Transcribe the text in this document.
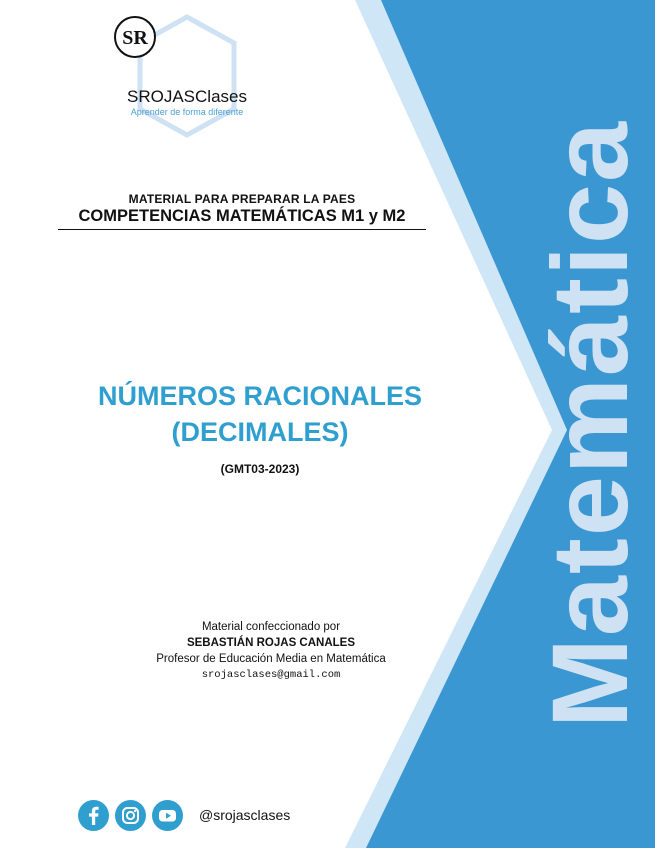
Matemática
SR
SROJASClases
Aprender de forma diferente
MATERIAL PARA PREPARAR LA PAES
COMPETENCIAS MATEMÁTICAS M1 y M2
NÚMEROS RACIONALES
(DECIMALES)
(GMT03-2023)
Material confeccionado por
SEBASTIÁN ROJAS CANALES
Profesor de Educación Media en Matemática
srojasclases@gmail.com
@srojasclases
